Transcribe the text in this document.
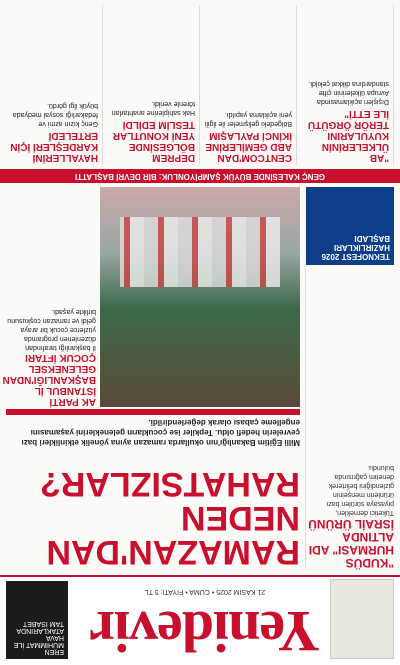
Yenidevir
21 KASIM 2025 • CUMA • FİYATI: 5 TL
EREN MÜHİMMAT İLE HAVA ATAKLARINDA TAM İSABET
"KUDÜS HURMASI" ADI ALTINDA İSRAİL ÜRÜNÜ
Tüketici dernekleri, piyasaya sürülen bazı ürünlerin menşeinin gizlendiğini belirterek denetim çağrısında bulundu.
RAMAZAN'DAN
NEDEN
RAHATSIZLAR?
Milli Eğitim Bakanlığı'nın okullarda ramazan ayına yönelik etkinlikleri bazı çevrelerin hedefi oldu. Tepkiler ise çocukların geleneklerini yaşamasını engelleme çabası olarak değerlendirildi.
AK PARTİ İSTANBUL İL BAŞKANLIĞI'NDAN GELENEKSEL ÇOCUK İFTARI
İl başkanlığı tarafından düzenlenen programda yüzlerce çocuk bir araya geldi ve ramazan coşkusunu birlikte yaşadı.
TEKNOFEST 2026 HAZIRLIKLARI BAŞLADI
GENÇ KALESİNDE BÜYÜK ŞAMPİYONLUK: BİR DEVRİ BAŞLATTI
"AB ÜLKELERİNİN KUYULARINI TERÖR ÖRGÜTÜ İLE ETTİ"
Dışişleri açıklamasında Avrupa ülkelerinin çifte standardına dikkat çekildi.
CENTCOM'DAN ABD GEMİLERİNE İKİNCİ PAYLAŞIM
Bölgedeki gelişmeler ile ilgili yeni açıklama yapıldı.
DEPREM BÖLGESİNDE YENİ KONUTLAR TESLİM EDİLDİ
Hak sahiplerine anahtarları törenle verildi.
HAYALLERİNİ KARDEŞLERİ İÇİN ERTELEDİ
Genç kızın azmi ve fedakarlığı sosyal medyada büyük ilgi gördü.
